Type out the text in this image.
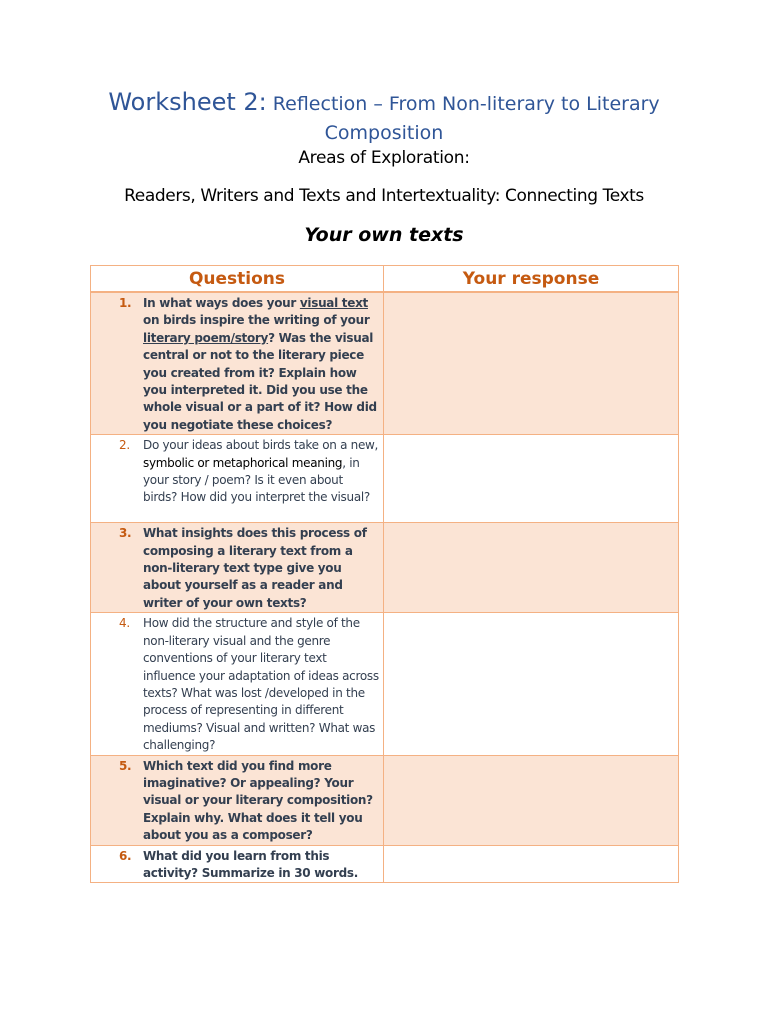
Worksheet 2: Reflection – From Non-literary to Literary
Composition
Areas of Exploration:
Readers, Writers and Texts and Intertextuality: Connecting Texts
Your own texts
Questions	Your response

1. In what ways does your visual text on birds inspire the writing of your literary poem/story? Was the visual central or not to the literary piece you created from it? Explain how you interpreted it. Did you use the whole visual or a part of it? How did you negotiate these choices?	

2. Do your ideas about birds take on a new, symbolic or metaphorical meaning, in your story / poem? Is it even about birds? How did you interpret the visual?	

3. What insights does this process of composing a literary text from a non-literary text type give you about yourself as a reader and writer of your own texts?	

4. How did the structure and style of the non-literary visual and the genre conventions of your literary text influence your adaptation of ideas across texts? What was lost /developed in the process of representing in different mediums? Visual and written? What was challenging?	

5. Which text did you find more imaginative? Or appealing? Your visual or your literary composition? Explain why. What does it tell you about you as a composer?	

6. What did you learn from this activity? Summarize in 30 words.	
